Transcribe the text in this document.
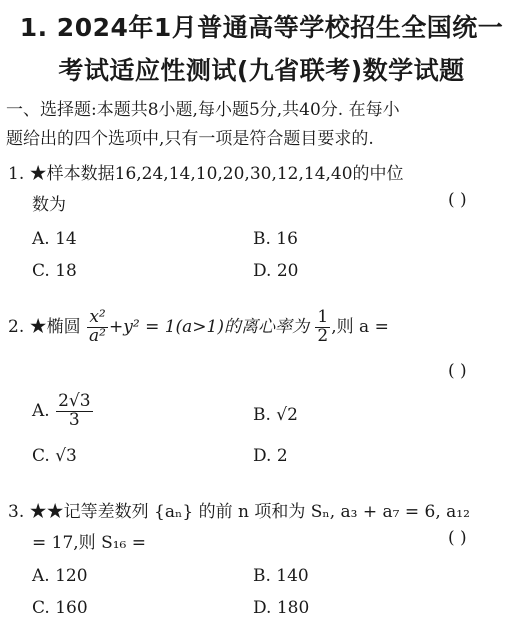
1. 2024年1月普通高等学校招生全国统一
考试适应性测试(九省联考)数学试题
一、选择题:本题共8小题,每小题5分,共40分. 在每小
题给出的四个选项中,只有一项是符合题目要求的.
1. ★样本数据16,24,14,10,20,30,12,14,40的中位
数为	( )
A. 14	B. 16
C. 18	D. 20
2. ★椭圆 $\frac{\text{x²}}{\text{a²}} +y^2 = 1(a>1)$的离心率为 $\frac{1}{2}$ ,则 a =
( )
A. $\frac{2√3}{3}$	B. √2
C. √3	D. 2
3. ★★记等差数列 {aₙ} 的前 n 项和为 Sₙ, a₃ + a₇ = 6, a₁₂
= 17,则 S₁₆ =	( )
A. 120	B. 140
C. 160	D. 180
